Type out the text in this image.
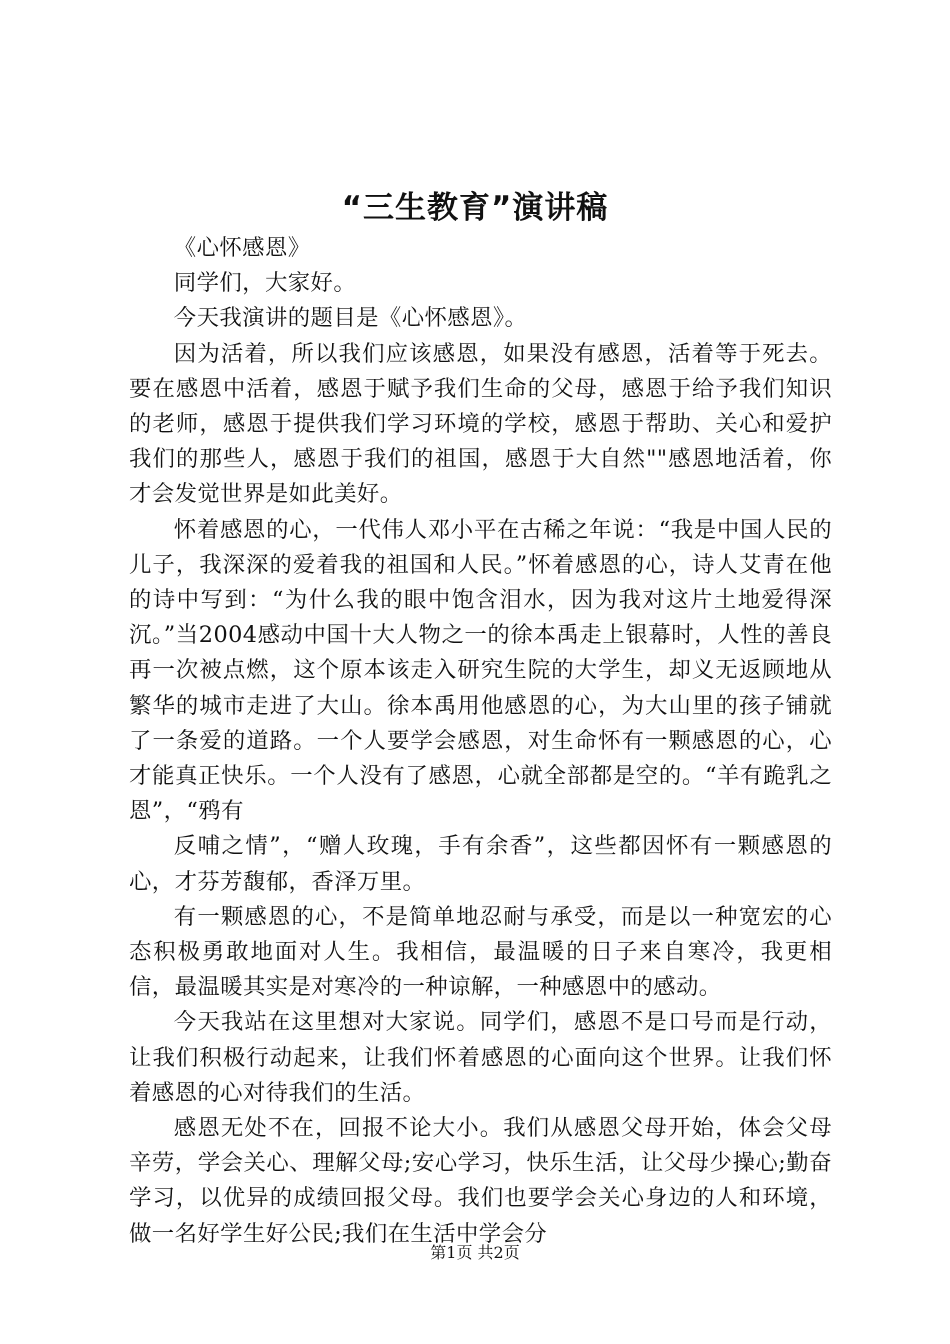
“三生教育”演讲稿

《心怀感恩》

同学们，大家好。

今天我演讲的题目是《心怀感恩》。

因为活着，所以我们应该感恩，如果没有感恩，活着等于死去。要在感恩中活着，感恩于赋予我们生命的父母，感恩于给予我们知识的老师，感恩于提供我们学习环境的学校，感恩于帮助、关心和爱护我们的那些人，感恩于我们的祖国，感恩于大自然""感恩地活着，你才会发觉世界是如此美好。

怀着感恩的心，一代伟人邓小平在古稀之年说：“我是中国人民的儿子，我深深的爱着我的祖国和人民。”怀着感恩的心，诗人艾青在他的诗中写到：“为什么我的眼中饱含泪水，因为我对这片土地爱得深沉。”当2004感动中国十大人物之一的徐本禹走上银幕时，人性的善良再一次被点燃，这个原本该走入研究生院的大学生，却义无返顾地从繁华的城市走进了大山。徐本禹用他感恩的心，为大山里的孩子铺就了一条爱的道路。一个人要学会感恩，对生命怀有一颗感恩的心，心才能真正快乐。一个人没有了感恩，心就全部都是空的。“羊有跪乳之恩”，“鸦有

反哺之情”，“赠人玫瑰，手有余香”，这些都因怀有一颗感恩的心，才芬芳馥郁，香泽万里。

有一颗感恩的心，不是简单地忍耐与承受，而是以一种宽宏的心态积极勇敢地面对人生。我相信，最温暖的日子来自寒冷，我更相信，最温暖其实是对寒冷的一种谅解，一种感恩中的感动。

今天我站在这里想对大家说。同学们，感恩不是口号而是行动，让我们积极行动起来，让我们怀着感恩的心面向这个世界。让我们怀着感恩的心对待我们的生活。

感恩无处不在，回报不论大小。我们从感恩父母开始，体会父母辛劳，学会关心、理解父母;安心学习，快乐生活，让父母少操心;勤奋学习，以优异的成绩回报父母。我们也要学会关心身边的人和环境，做一名好学生好公民;我们在生活中学会分

第1页 共2页
